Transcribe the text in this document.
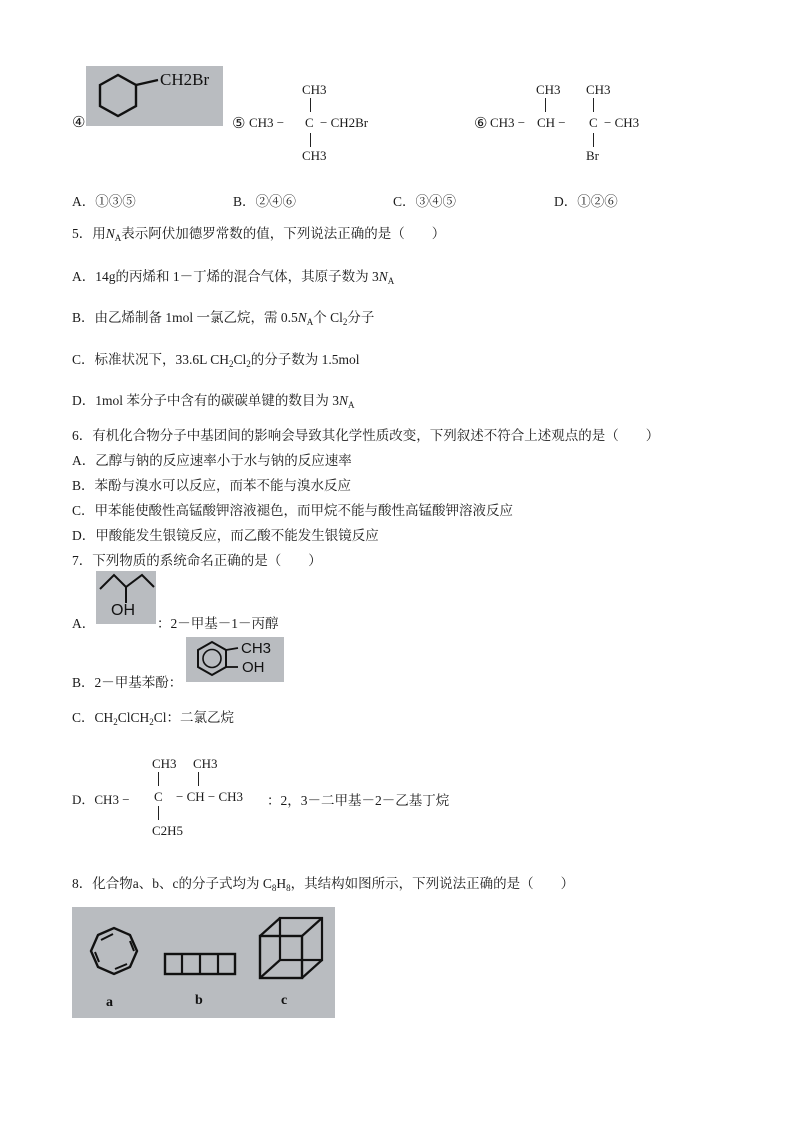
④
CH2Br
⑤
CH3
CH3 − C − CH2Br
CH3
⑥
CH3 CH3
CH3 − CH − C − CH3
Br
A．①③⑤	B．②④⑥	C．③④⑤	D．①②⑥
5．用$N_A$表示阿伏加德罗常数的值，下列说法正确的是（　　）
A．14g的丙烯和 1－丁烯的混合气体，其原子数为 $3N_A$
B．由乙烯制备 1mol 一氯乙烷，需 $0.5N_A$个 $Cl_2$分子
C．标准状况下，33.6L $CH_2Cl_2$的分子数为 1.5mol
D．1mol 苯分子中含有的碳碳单键的数目为 $3N_A$
6．有机化合物分子中基团间的影响会导致其化学性质改变，下列叙述不符合上述观点的是（　　）
A．乙醇与钠的反应速率小于水与钠的反应速率
B．苯酚与溴水可以反应，而苯不能与溴水反应
C．甲苯能使酸性高锰酸钾溶液褪色，而甲烷不能与酸性高锰酸钾溶液反应
D．甲酸能发生银镜反应，而乙酸不能发生银镜反应
7．下列物质的系统命名正确的是（　　）
A．
OH
：2－甲基－1－丙醇
B．2－甲基苯酚：
CH3
OH
C．$CH_2ClCH_2Cl$：二氯乙烷
CH3 CH3
D．CH3 − C − CH − CH3 ：2，3－二甲基－2－乙基丁烷
C2H5
8．化合物a、b、c的分子式均为 $C_8H_8$，其结构如图所示，下列说法正确的是（　　）
a	b	c
